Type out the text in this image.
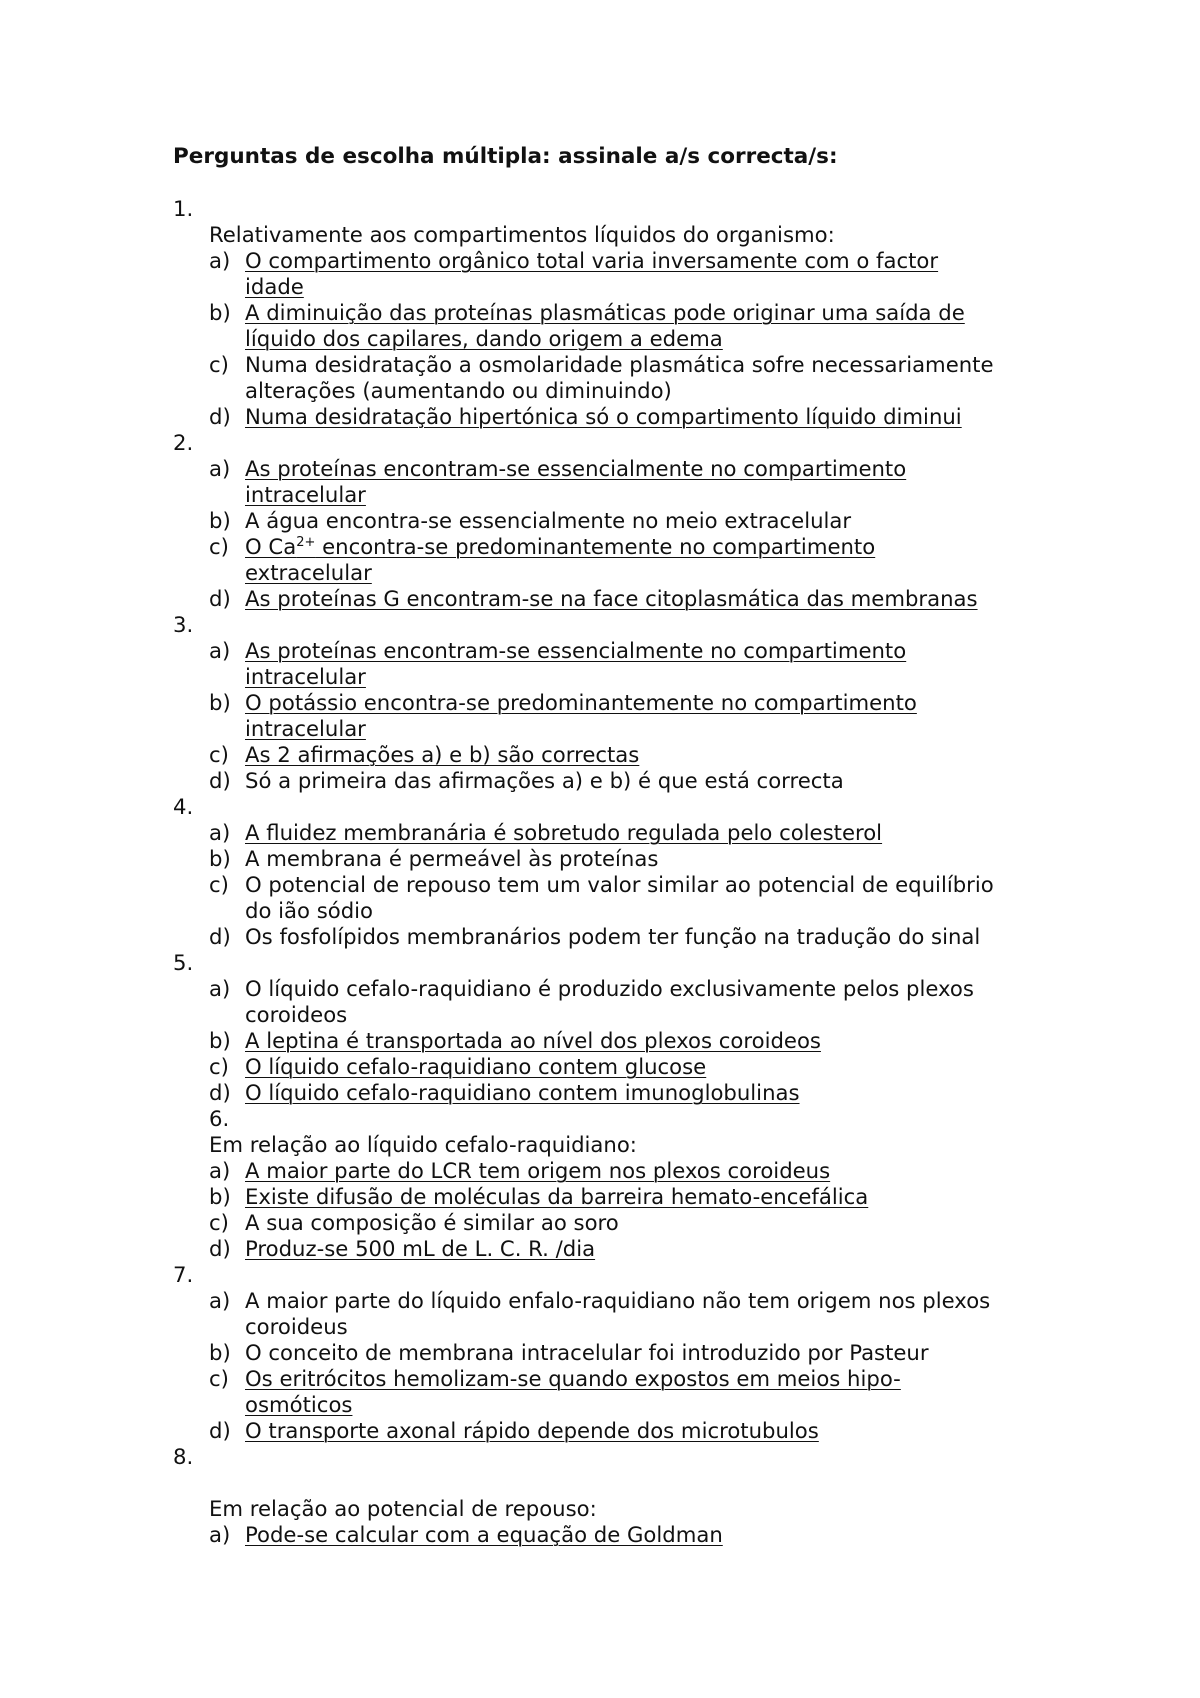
Perguntas de escolha múltipla: assinale a/s correcta/s:
1.
Relativamente aos compartimentos líquidos do organismo:
a) O compartimento orgânico total varia inversamente com o factor
idade
b) A diminuição das proteínas plasmáticas pode originar uma saída de
líquido dos capilares, dando origem a edema
c) Numa desidratação a osmolaridade plasmática sofre necessariamente
alterações (aumentando ou diminuindo)
d) Numa desidratação hipertónica só o compartimento líquido diminui
2.
a) As proteínas encontram-se essencialmente no compartimento
intracelular
b) A água encontra-se essencialmente no meio extracelular
c) O $Ca^{2+}$ encontra-se predominantemente no compartimento
extracelular
d) As proteínas G encontram-se na face citoplasmática das membranas
3.
a) As proteínas encontram-se essencialmente no compartimento
intracelular
b) O potássio encontra-se predominantemente no compartimento
intracelular
c) As 2 afirmações a) e b) são correctas
d) Só a primeira das afirmações a) e b) é que está correcta
4.
a) A fluidez membranária é sobretudo regulada pelo colesterol
b) A membrana é permeável às proteínas
c) O potencial de repouso tem um valor similar ao potencial de equilíbrio
do ião sódio
d) Os fosfolípidos membranários podem ter função na tradução do sinal
5.
a) O líquido cefalo-raquidiano é produzido exclusivamente pelos plexos
coroideos
b) A leptina é transportada ao nível dos plexos coroideos
c) O líquido cefalo-raquidiano contem glucose
d) O líquido cefalo-raquidiano contem imunoglobulinas
6.
Em relação ao líquido cefalo-raquidiano:
a) A maior parte do LCR tem origem nos plexos coroideus
b) Existe difusão de moléculas da barreira hemato-encefálica
c) A sua composição é similar ao soro
d) Produz-se 500 mL de L. C. R. /dia
7.
a) A maior parte do líquido enfalo-raquidiano não tem origem nos plexos
coroideus
b) O conceito de membrana intracelular foi introduzido por Pasteur
c) Os eritrócitos hemolizam-se quando expostos em meios hipo-
osmóticos
d) O transporte axonal rápido depende dos microtubulos
8.
Em relação ao potencial de repouso:
a) Pode-se calcular com a equação de Goldman
